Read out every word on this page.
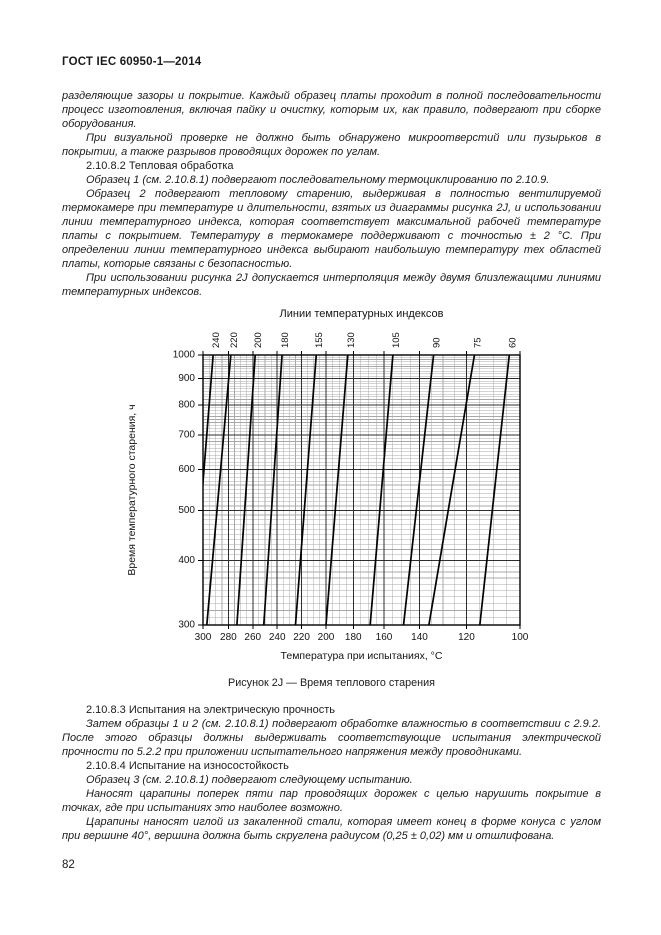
ГОСТ IEC 60950-1—2014

разделяющие зазоры и покрытие. Каждый образец платы проходит в полной последовательности процесс изготовления, включая пайку и очистку, которым их, как правило, подвергают при сборке оборудования.

При визуальной проверке не должно быть обнаружено микроотверстий или пузырьков в покрытии, а также разрывов проводящих дорожек по углам.

2.10.8.2 Тепловая обработка

Образец 1 (см. 2.10.8.1) подвергают последовательному термоциклированию по 2.10.9.

Образец 2 подвергают тепловому старению, выдерживая в полностью вентилируемой термокамере при температуре и длительности, взятых из диаграммы рисунка 2J, и использовании линии температурного индекса, которая соответствует максимальной рабочей температуре платы с покрытием. Температуру в термокамере поддерживают с точностью ± 2 °С. При определении линии температурного индекса выбирают наибольшую температуру тех областей платы, которые связаны с безопасностью.

При использовании рисунка 2J допускается интерполяция между двумя близлежащими линиями температурных индексов.

240 220 200 180 155 130	105	90	75	60
300 280 260 240 220 200 180 160 140	120	100
300
400
500
600
700
800
900
1000
Линии температурных индексов
Температура при испытаниях, °С
Время температурного старения, ч

Рисунок 2J — Время теплового старения

2.10.8.3 Испытания на электрическую прочность

Затем образцы 1 и 2 (см. 2.10.8.1) подвергают обработке влажностью в соответствии с 2.9.2. После этого образцы должны выдерживать соответствующие испытания электрической прочности по 5.2.2 при приложении испытательного напряжения между проводниками.

2.10.8.4 Испытание на износостойкость

Образец 3 (см. 2.10.8.1) подвергают следующему испытанию.

Наносят царапины поперек пяти пар проводящих дорожек с целью нарушить покрытие в точках, где при испытаниях это наиболее возможно.

Царапины наносят иглой из закаленной стали, которая имеет конец в форме конуса с углом при вершине 40°, вершина должна быть скруглена радиусом (0,25 ± 0,02) мм и отшлифована.

82
